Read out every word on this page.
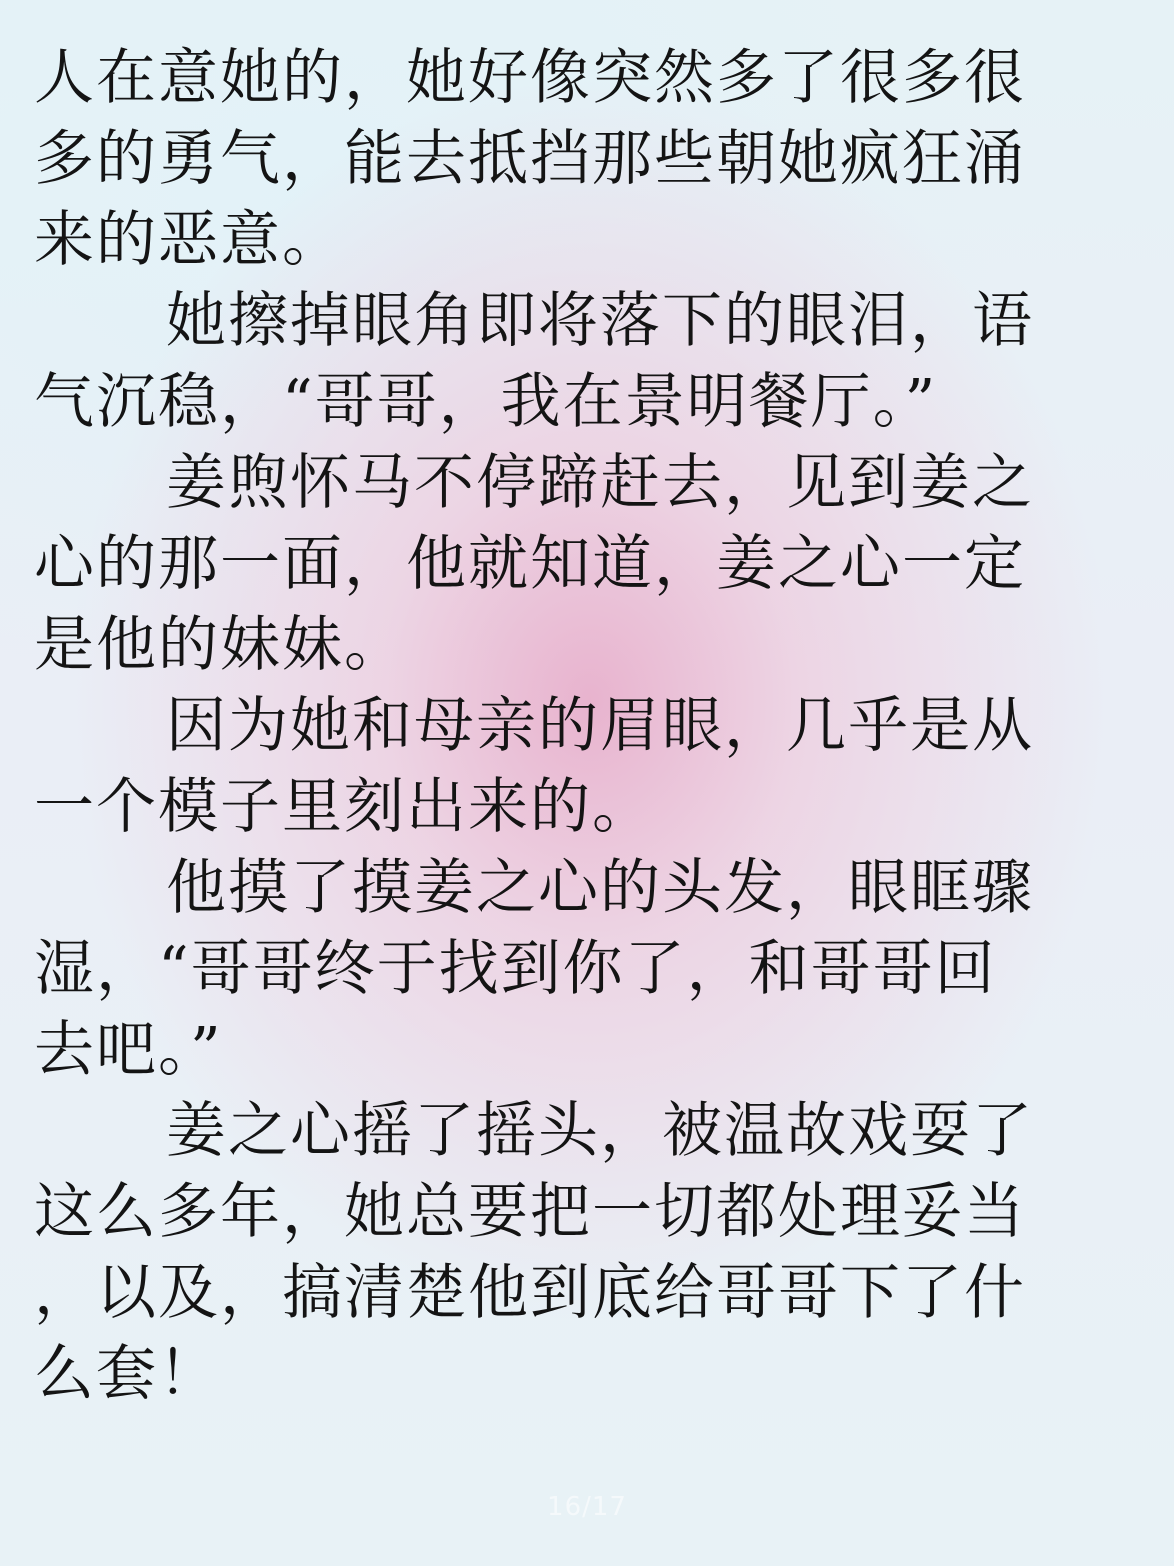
人在意她的，她好像突然多了很多很
多的勇气，能去抵挡那些朝她疯狂涌
来的恶意。
她擦掉眼角即将落下的眼泪，语
气沉稳，“哥哥，我在景明餐厅。”
姜煦怀马不停蹄赶去，见到姜之
心的那一面，他就知道，姜之心一定
是他的妹妹。
因为她和母亲的眉眼，几乎是从
一个模子里刻出来的。
他摸了摸姜之心的头发，眼眶骤
湿，“哥哥终于找到你了，和哥哥回
去吧。”
姜之心摇了摇头，被温故戏耍了
这么多年，她总要把一切都处理妥当
，以及，搞清楚他到底给哥哥下了什
么套！
16/17
